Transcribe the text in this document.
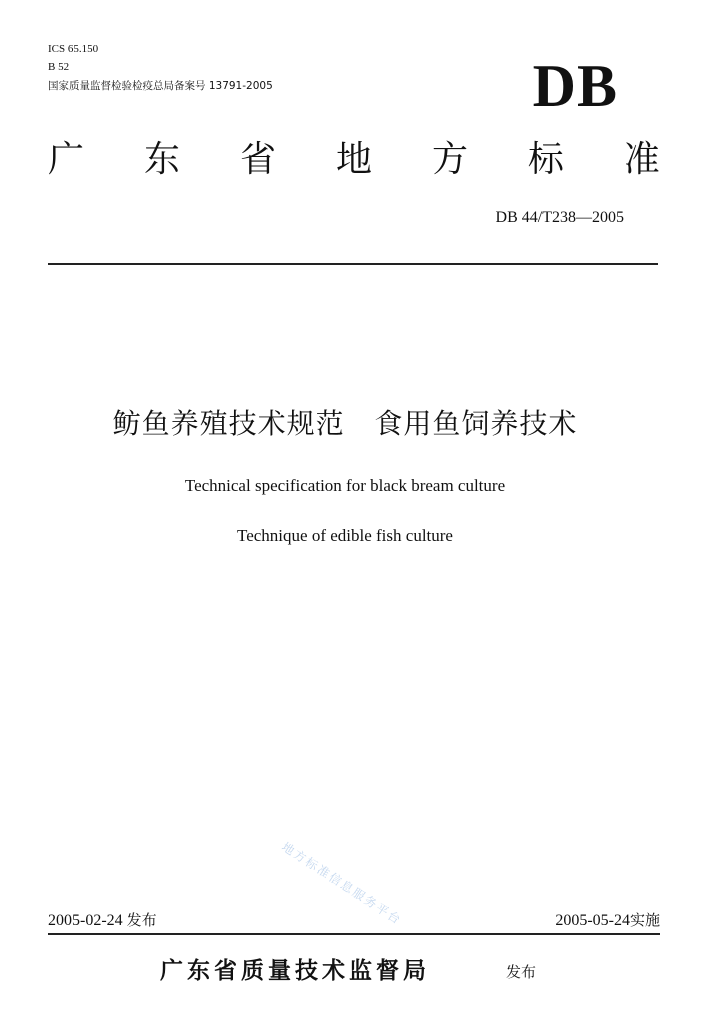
ICS 65.150
B 52
国家质量监督检验检疫总局备案号 13791-2005	DB
广 东 省 地 方 标 准
DB 44/T238—2005
鲂鱼养殖技术规范   食用鱼饲养技术
Technical specification for black bream culture
Technique of edible fish culture
地方标准信息服务平台
2005-02-24 发布	2005-05-24实施
广东省质量技术监督局	发布
